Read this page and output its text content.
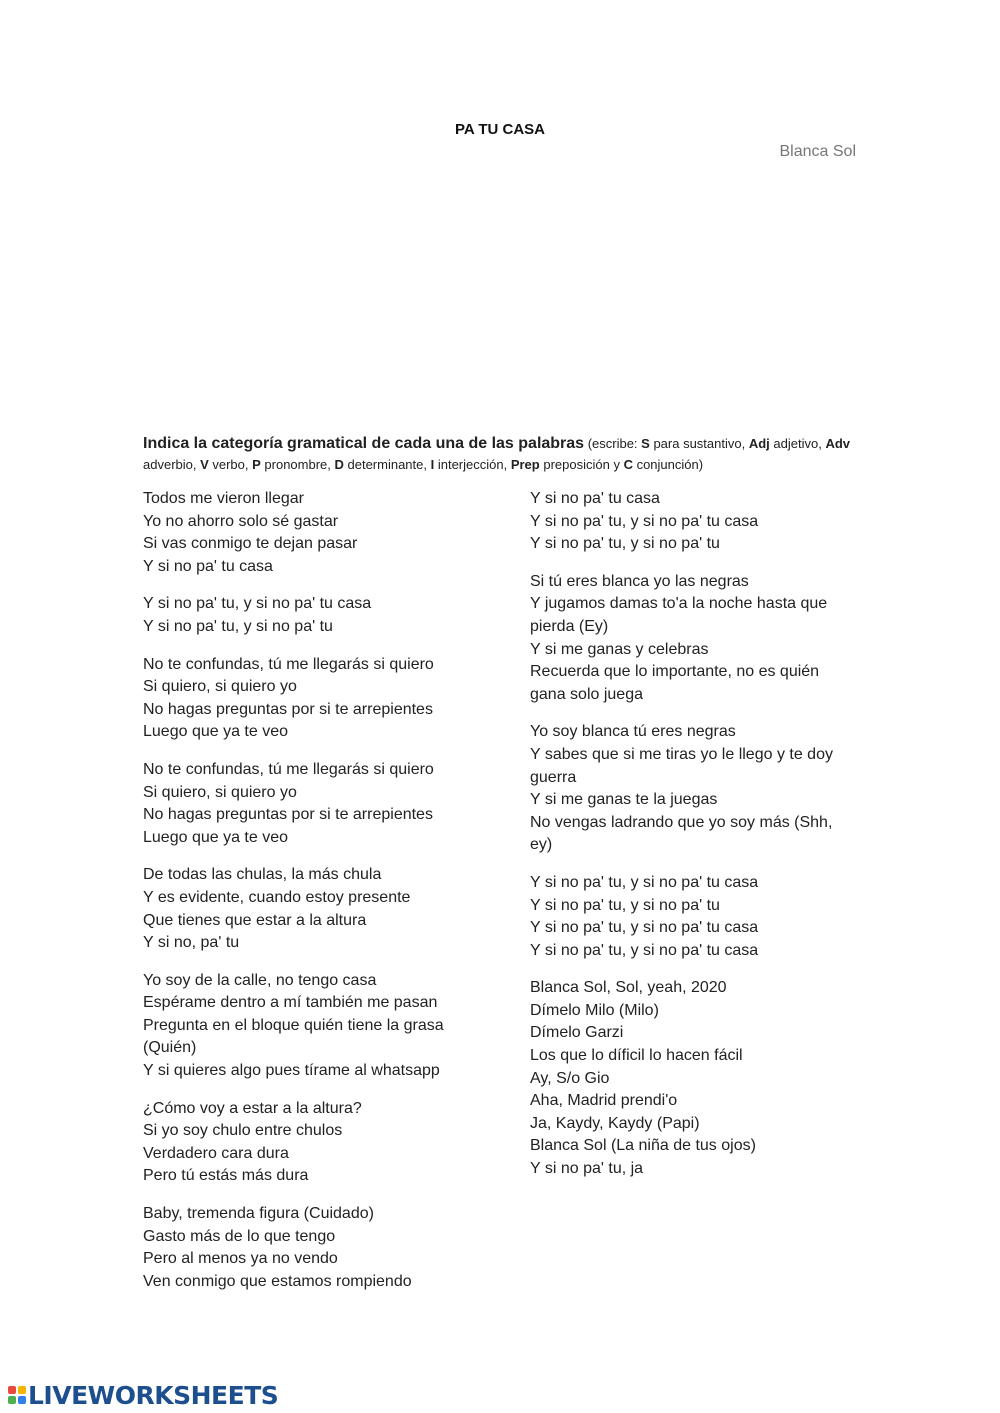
PA TU CASA
Blanca Sol
Indica la categoría gramatical de cada una de las palabras (escribe: S para sustantivo, Adj adjetivo, Adv adverbio, V verbo, P pronombre, D determinante, I interjección, Prep preposición y C conjunción)
Todos me vieron llegar
Yo no ahorro solo sé gastar
Si vas conmigo te dejan pasar
Y si no pa' tu casa
Y si no pa' tu, y si no pa' tu casa
Y si no pa' tu, y si no pa' tu
No te confundas, tú me llegarás si quiero
Si quiero, si quiero yo
No hagas preguntas por si te arrepientes
Luego que ya te veo
No te confundas, tú me llegarás si quiero
Si quiero, si quiero yo
No hagas preguntas por si te arrepientes
Luego que ya te veo
De todas las chulas, la más chula
Y es evidente, cuando estoy presente
Que tienes que estar a la altura
Y si no, pa' tu
Yo soy de la calle, no tengo casa
Espérame dentro a mí también me pasan
Pregunta en el bloque quién tiene la grasa (Quién)
Y si quieres algo pues tírame al whatsapp
¿Cómo voy a estar a la altura?
Si yo soy chulo entre chulos
Verdadero cara dura
Pero tú estás más dura
Baby, tremenda figura (Cuidado)
Gasto más de lo que tengo
Pero al menos ya no vendo
Ven conmigo que estamos rompiendo
Y si no pa' tu casa
Y si no pa' tu, y si no pa' tu casa
Y si no pa' tu, y si no pa' tu
Si tú eres blanca yo las negras
Y jugamos damas to'a la noche hasta que pierda (Ey)
Y si me ganas y celebras
Recuerda que lo importante, no es quién gana solo juega
Yo soy blanca tú eres negras
Y sabes que si me tiras yo le llego y te doy guerra
Y si me ganas te la juegas
No vengas ladrando que yo soy más (Shh, ey)
Y si no pa' tu, y si no pa' tu casa
Y si no pa' tu, y si no pa' tu
Y si no pa' tu, y si no pa' tu casa
Y si no pa' tu, y si no pa' tu casa
Blanca Sol, Sol, yeah, 2020
Dímelo Milo (Milo)
Dímelo Garzi
Los que lo díficil lo hacen fácil
Ay, S/o Gio
Aha, Madrid prendi'o
Ja, Kaydy, Kaydy (Papi)
Blanca Sol (La niña de tus ojos)
Y si no pa' tu, ja
LIVEWORKSHEETS
